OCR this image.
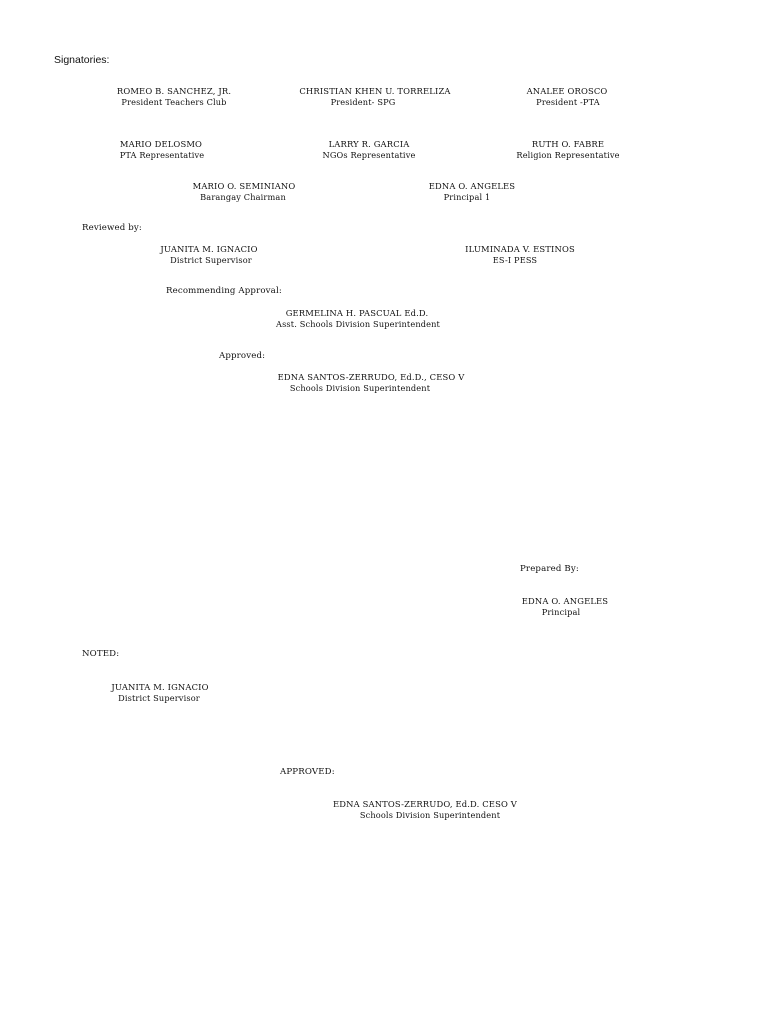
Signatories:
ROMEO B. SANCHEZ, JR.
President Teachers Club
CHRISTIAN KHEN U. TORRELIZA
President- SPG
ANALEE OROSCO
President -PTA
MARIO DELOSMO
PTA Representative
LARRY R. GARCIA
NGOs Representative
RUTH O. FABRE
Religion Representative
MARIO O. SEMINIANO
Barangay Chairman
EDNA O. ANGELES
Principal 1
Reviewed by:
JUANITA M. IGNACIO
District Supervisor
ILUMINADA V. ESTINOS
ES-I PESS
Recommending Approval:
GERMELINA H. PASCUAL Ed.D.
Asst. Schools Division Superintendent
Approved:
EDNA SANTOS-ZERRUDO, Ed.D., CESO V
Schools Division Superintendent
Prepared By:
EDNA O. ANGELES
Principal
NOTED:
JUANITA M. IGNACIO
District Supervisor
APPROVED:
EDNA SANTOS-ZERRUDO, Ed.D. CESO V
Schools Division Superintendent
